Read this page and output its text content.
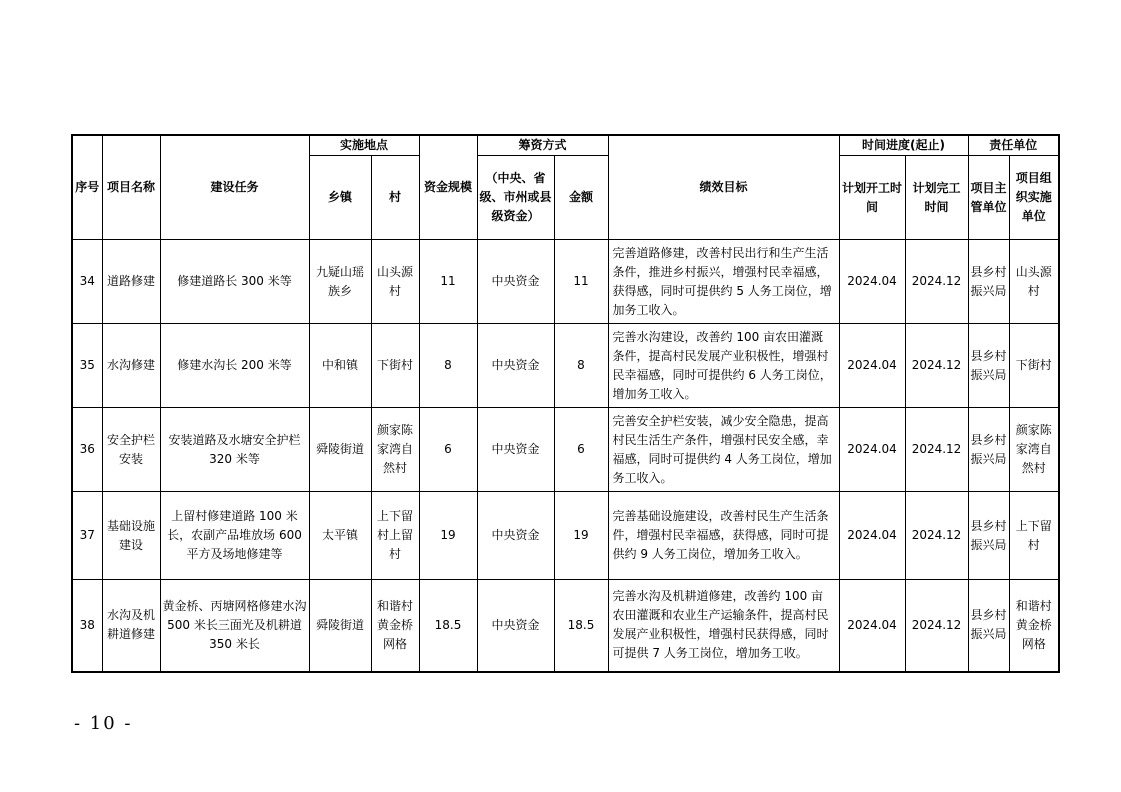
序号	项目名称	建设任务	实施地点		资金规模	筹资方式		绩效目标	时间进度(起止)		责任单位	
			乡镇	村		（中央、省级、市州或县级资金）	金额		计划开工时间	计划完工时间	项目主管单位	项目组织实施单位
34	道路修建	修建道路长 300 米等	九疑山瑶族乡	山头源村	11	中央资金	11	完善道路修建，改善村民出行和生产生活条件，推进乡村振兴，增强村民幸福感，获得感，同时可提供约 5 人务工岗位，增加务工收入。	2024.04	2024.12	县乡村振兴局	山头源村
35	水沟修建	修建水沟长 200 米等	中和镇	下街村	8	中央资金	8	完善水沟建设，改善约 100 亩农田灌溉条件，提高村民发展产业积极性，增强村民幸福感，同时可提供约 6 人务工岗位，增加务工收入。	2024.04	2024.12	县乡村振兴局	下街村
36	安全护栏安装	安装道路及水塘安全护栏 320 米等	舜陵街道	颜家陈家湾自然村	6	中央资金	6	完善安全护栏安装，减少安全隐患，提高村民生活生产条件，增强村民安全感，幸福感，同时可提供约 4 人务工岗位，增加务工收入。	2024.04	2024.12	县乡村振兴局	颜家陈家湾自然村
37	基础设施建设	上留村修建道路 100 米长，农副产品堆放场 600 平方及场地修建等	太平镇	上下留村上留村	19	中央资金	19	完善基础设施建设，改善村民生产生活条件，增强村民幸福感，获得感，同时可提供约 9 人务工岗位，增加务工收入。	2024.04	2024.12	县乡村振兴局	上下留村
38	水沟及机耕道修建	黄金桥、丙塘网格修建水沟 500 米长三面光及机耕道 350 米长	舜陵街道	和谐村黄金桥网格	18.5	中央资金	18.5	完善水沟及机耕道修建，改善约 100 亩农田灌溉和农业生产运输条件，提高村民发展产业积极性，增强村民获得感，同时可提供 7 人务工岗位，增加务工收。	2024.04	2024.12	县乡村振兴局	和谐村黄金桥网格
- 10 -
